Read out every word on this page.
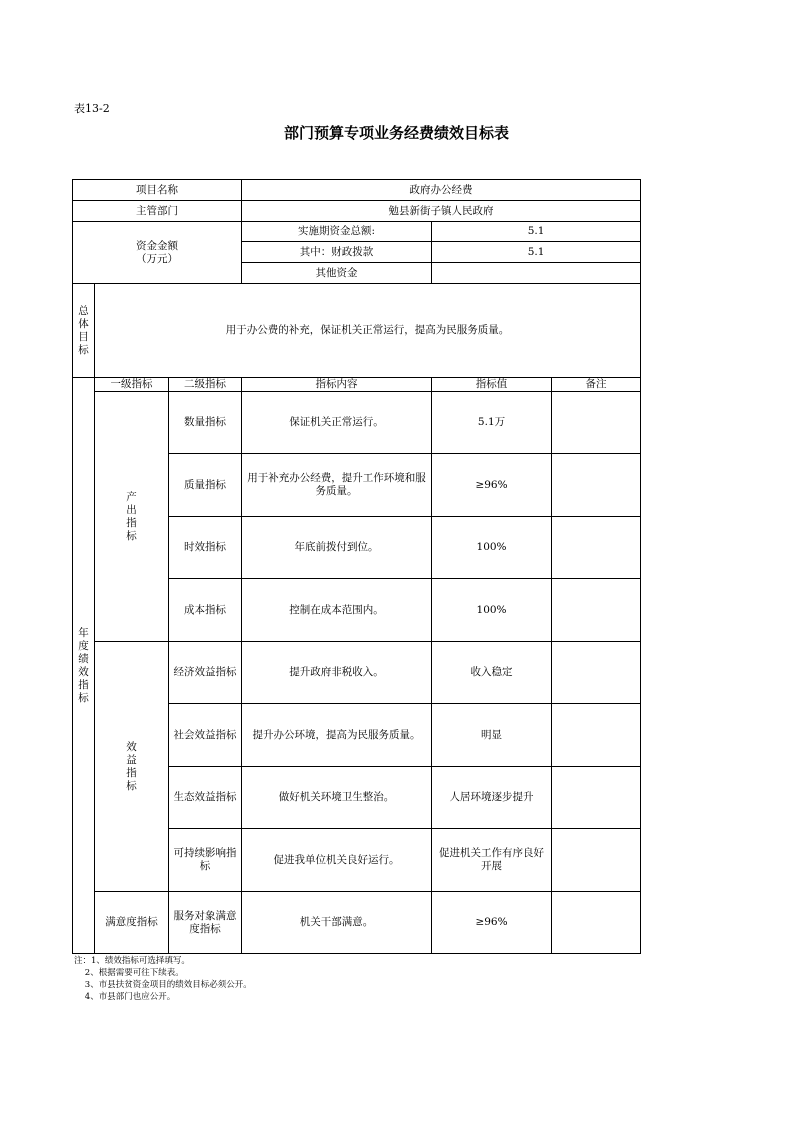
表13-2
部门预算专项业务经费绩效目标表
项目名称			政府办公经费		
主管部门			勉县新街子镇人民政府		

资金金额
（万元）			实施期资金总额:	5.1	
			其中：财政拨款	5.1	
			其他资金		

总体目标	用于办公费的补充，保证机关正常运行，提高为民服务质量。				

年度绩效指标	一级指标	二级指标	指标内容	指标值	备注

	产出指标	数量指标	保证机关正常运行。	5.1万	
		质量指标	用于补充办公经费，提升工作环境和服务质量。	≥96%	
		时效指标	年底前拨付到位。	100%	
		成本指标	控制在成本范围内。	100%	

	效益指标	经济效益指标	提升政府非税收入。	收入稳定	
		社会效益指标	提升办公环境，提高为民服务质量。	明显	
		生态效益指标	做好机关环境卫生整治。	人居环境逐步提升	
		可持续影响指标	促进我单位机关良好运行。	促进机关工作有序良好开展	
	满意度指标	服务对象满意度指标	机关干部满意。	≥96%	
注：1、绩效指标可选择填写。
2、根据需要可往下续表。
3、市县扶贫资金项目的绩效目标必须公开。
4、市县部门也应公开。
